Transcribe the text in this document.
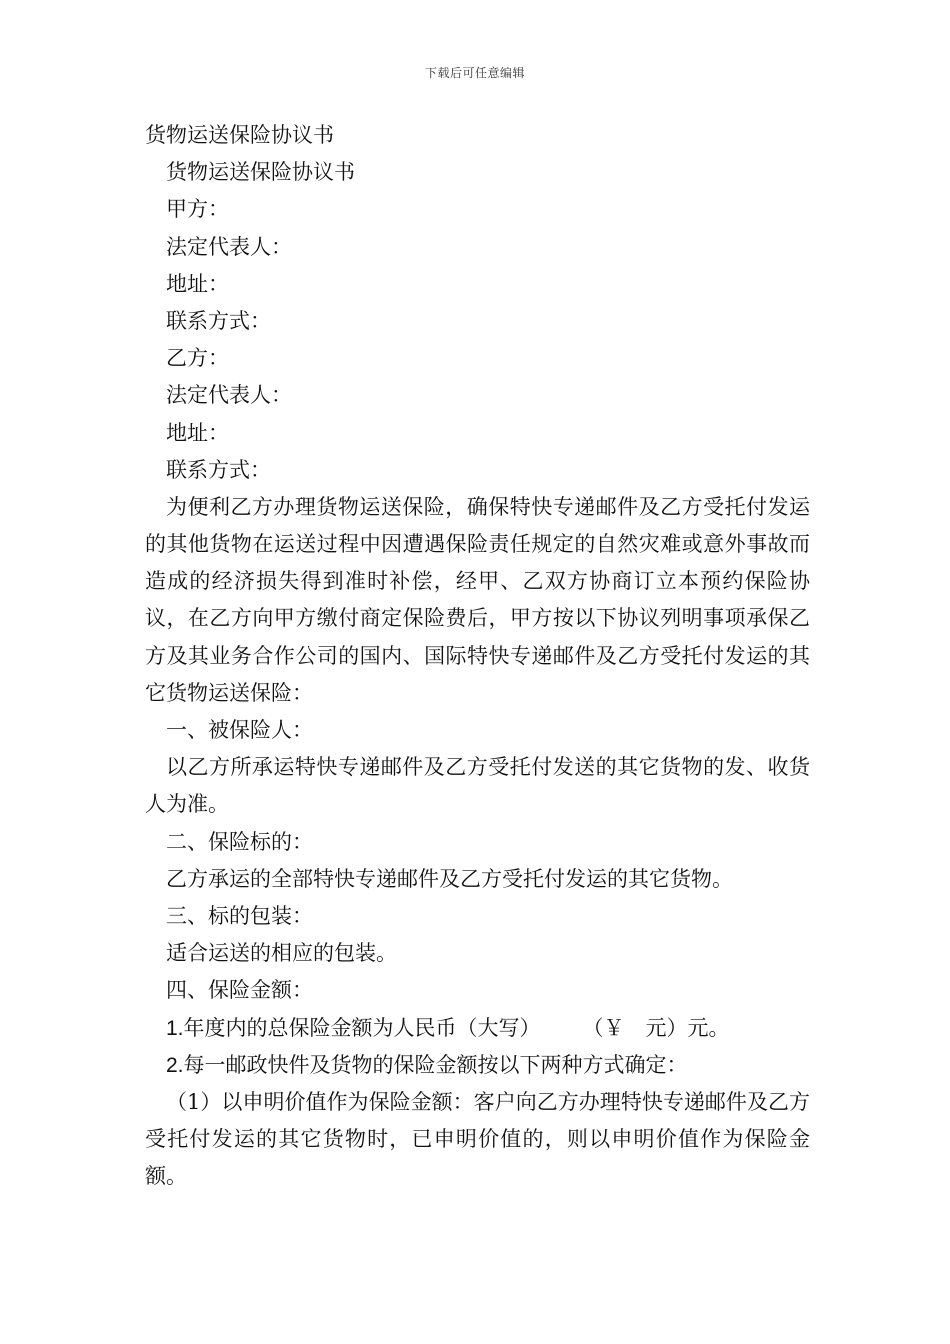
下载后可任意编辑
货物运送保险协议书
货物运送保险协议书
甲方：
法定代表人：
地址：
联系方式：
乙方：
法定代表人：
地址：
联系方式：
为便利乙方办理货物运送保险，确保特快专递邮件及乙方受托付发运的其他货物在运送过程中因遭遇保险责任规定的自然灾难或意外事故而造成的经济损失得到准时补偿，经甲、乙双方协商订立本预约保险协议，在乙方向甲方缴付商定保险费后，甲方按以下协议列明事项承保乙方及其业务合作公司的国内、国际特快专递邮件及乙方受托付发运的其它货物运送保险：
一、被保险人：
以乙方所承运特快专递邮件及乙方受托付发送的其它货物的发、收货人为准。
二、保险标的：
乙方承运的全部特快专递邮件及乙方受托付发运的其它货物。
三、标的包装：
适合运送的相应的包装。
四、保险金额：
1.年度内的总保险金额为人民币（大写） （￥　元）元。
2.每一邮政快件及货物的保险金额按以下两种方式确定：
（1）以申明价值作为保险金额：客户向乙方办理特快专递邮件及乙方受托付发运的其它货物时，已申明价值的，则以申明价值作为保险金额。
